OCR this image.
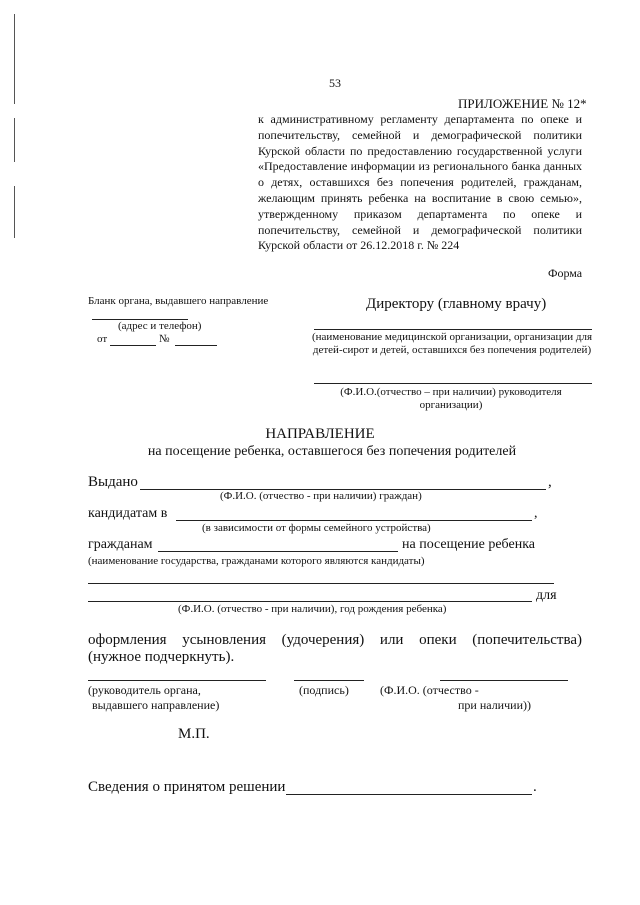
53
ПРИЛОЖЕНИЕ № 12*
к административному регламенту департамента по опеке и попечительству, семейной и демографической политики Курской области по предоставлению государственной услуги «Предоставление информации из регионального банка данных о детях, оставшихся без попечения родителей, гражданам, желающим принять ребенка на воспитание в свою семью», утвержденному приказом департамента по опеке и попечительству, семейной и демографической политики Курской области от 26.12.2018 г. № 224
Форма
Бланк органа, выдавшего направление
(адрес и телефон)
от	№
Директору (главному врачу)
(наименование медицинской организации, организации для детей-сирот и детей, оставшихся без попечения родителей)
(Ф.И.О.(отчество – при наличии) руководителя организации)
НАПРАВЛЕНИЕ
на посещение ребенка, оставшегося без попечения родителей
Выдано	,
(Ф.И.О. (отчество - при наличии) граждан)
кандидатам в	,
(в зависимости от формы семейного устройства)
гражданам	на посещение ребенка
(наименование государства, гражданами которого являются кандидаты)
для
(Ф.И.О. (отчество - при наличии), год рождения ребенка)
оформления усыновления (удочерения) или опеки (попечительства)
(нужное подчеркнуть).
(руководитель органа,
выдавшего направление)
(подпись)	(Ф.И.О. (отчество -
при наличии))
М.П.
Сведения о принятом решении	.
